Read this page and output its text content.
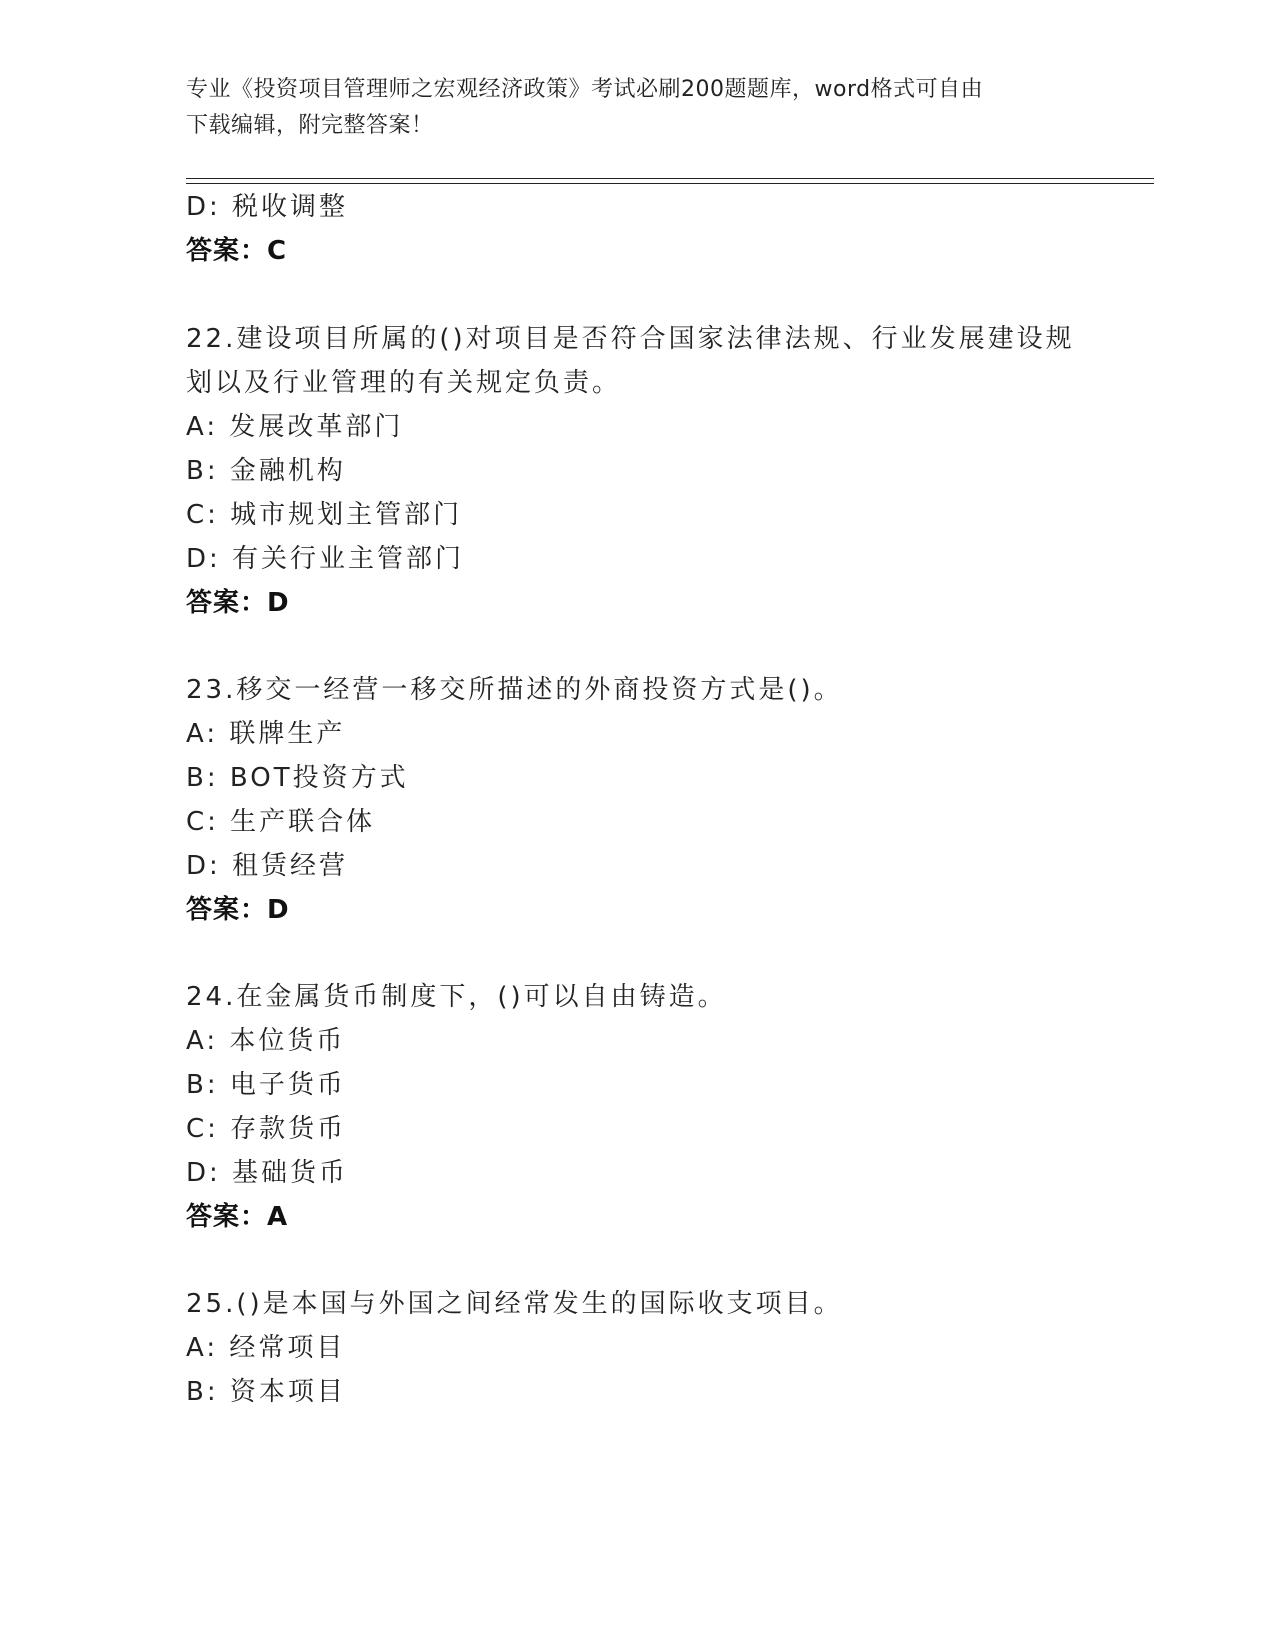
专业《投资项目管理师之宏观经济政策》考试必刷200题题库，word格式可自由
下载编辑，附完整答案！
D: 税收调整
答案：C
22.建设项目所属的()对项目是否符合国家法律法规、行业发展建设规
划以及行业管理的有关规定负责。
A: 发展改革部门
B: 金融机构
C: 城市规划主管部门
D: 有关行业主管部门
答案：D
23.移交一经营一移交所描述的外商投资方式是()。
A: 联牌生产
B: BOT投资方式
C: 生产联合体
D: 租赁经营
答案：D
24.在金属货币制度下，()可以自由铸造。
A: 本位货币
B: 电子货币
C: 存款货币
D: 基础货币
答案：A
25.()是本国与外国之间经常发生的国际收支项目。
A: 经常项目
B: 资本项目
